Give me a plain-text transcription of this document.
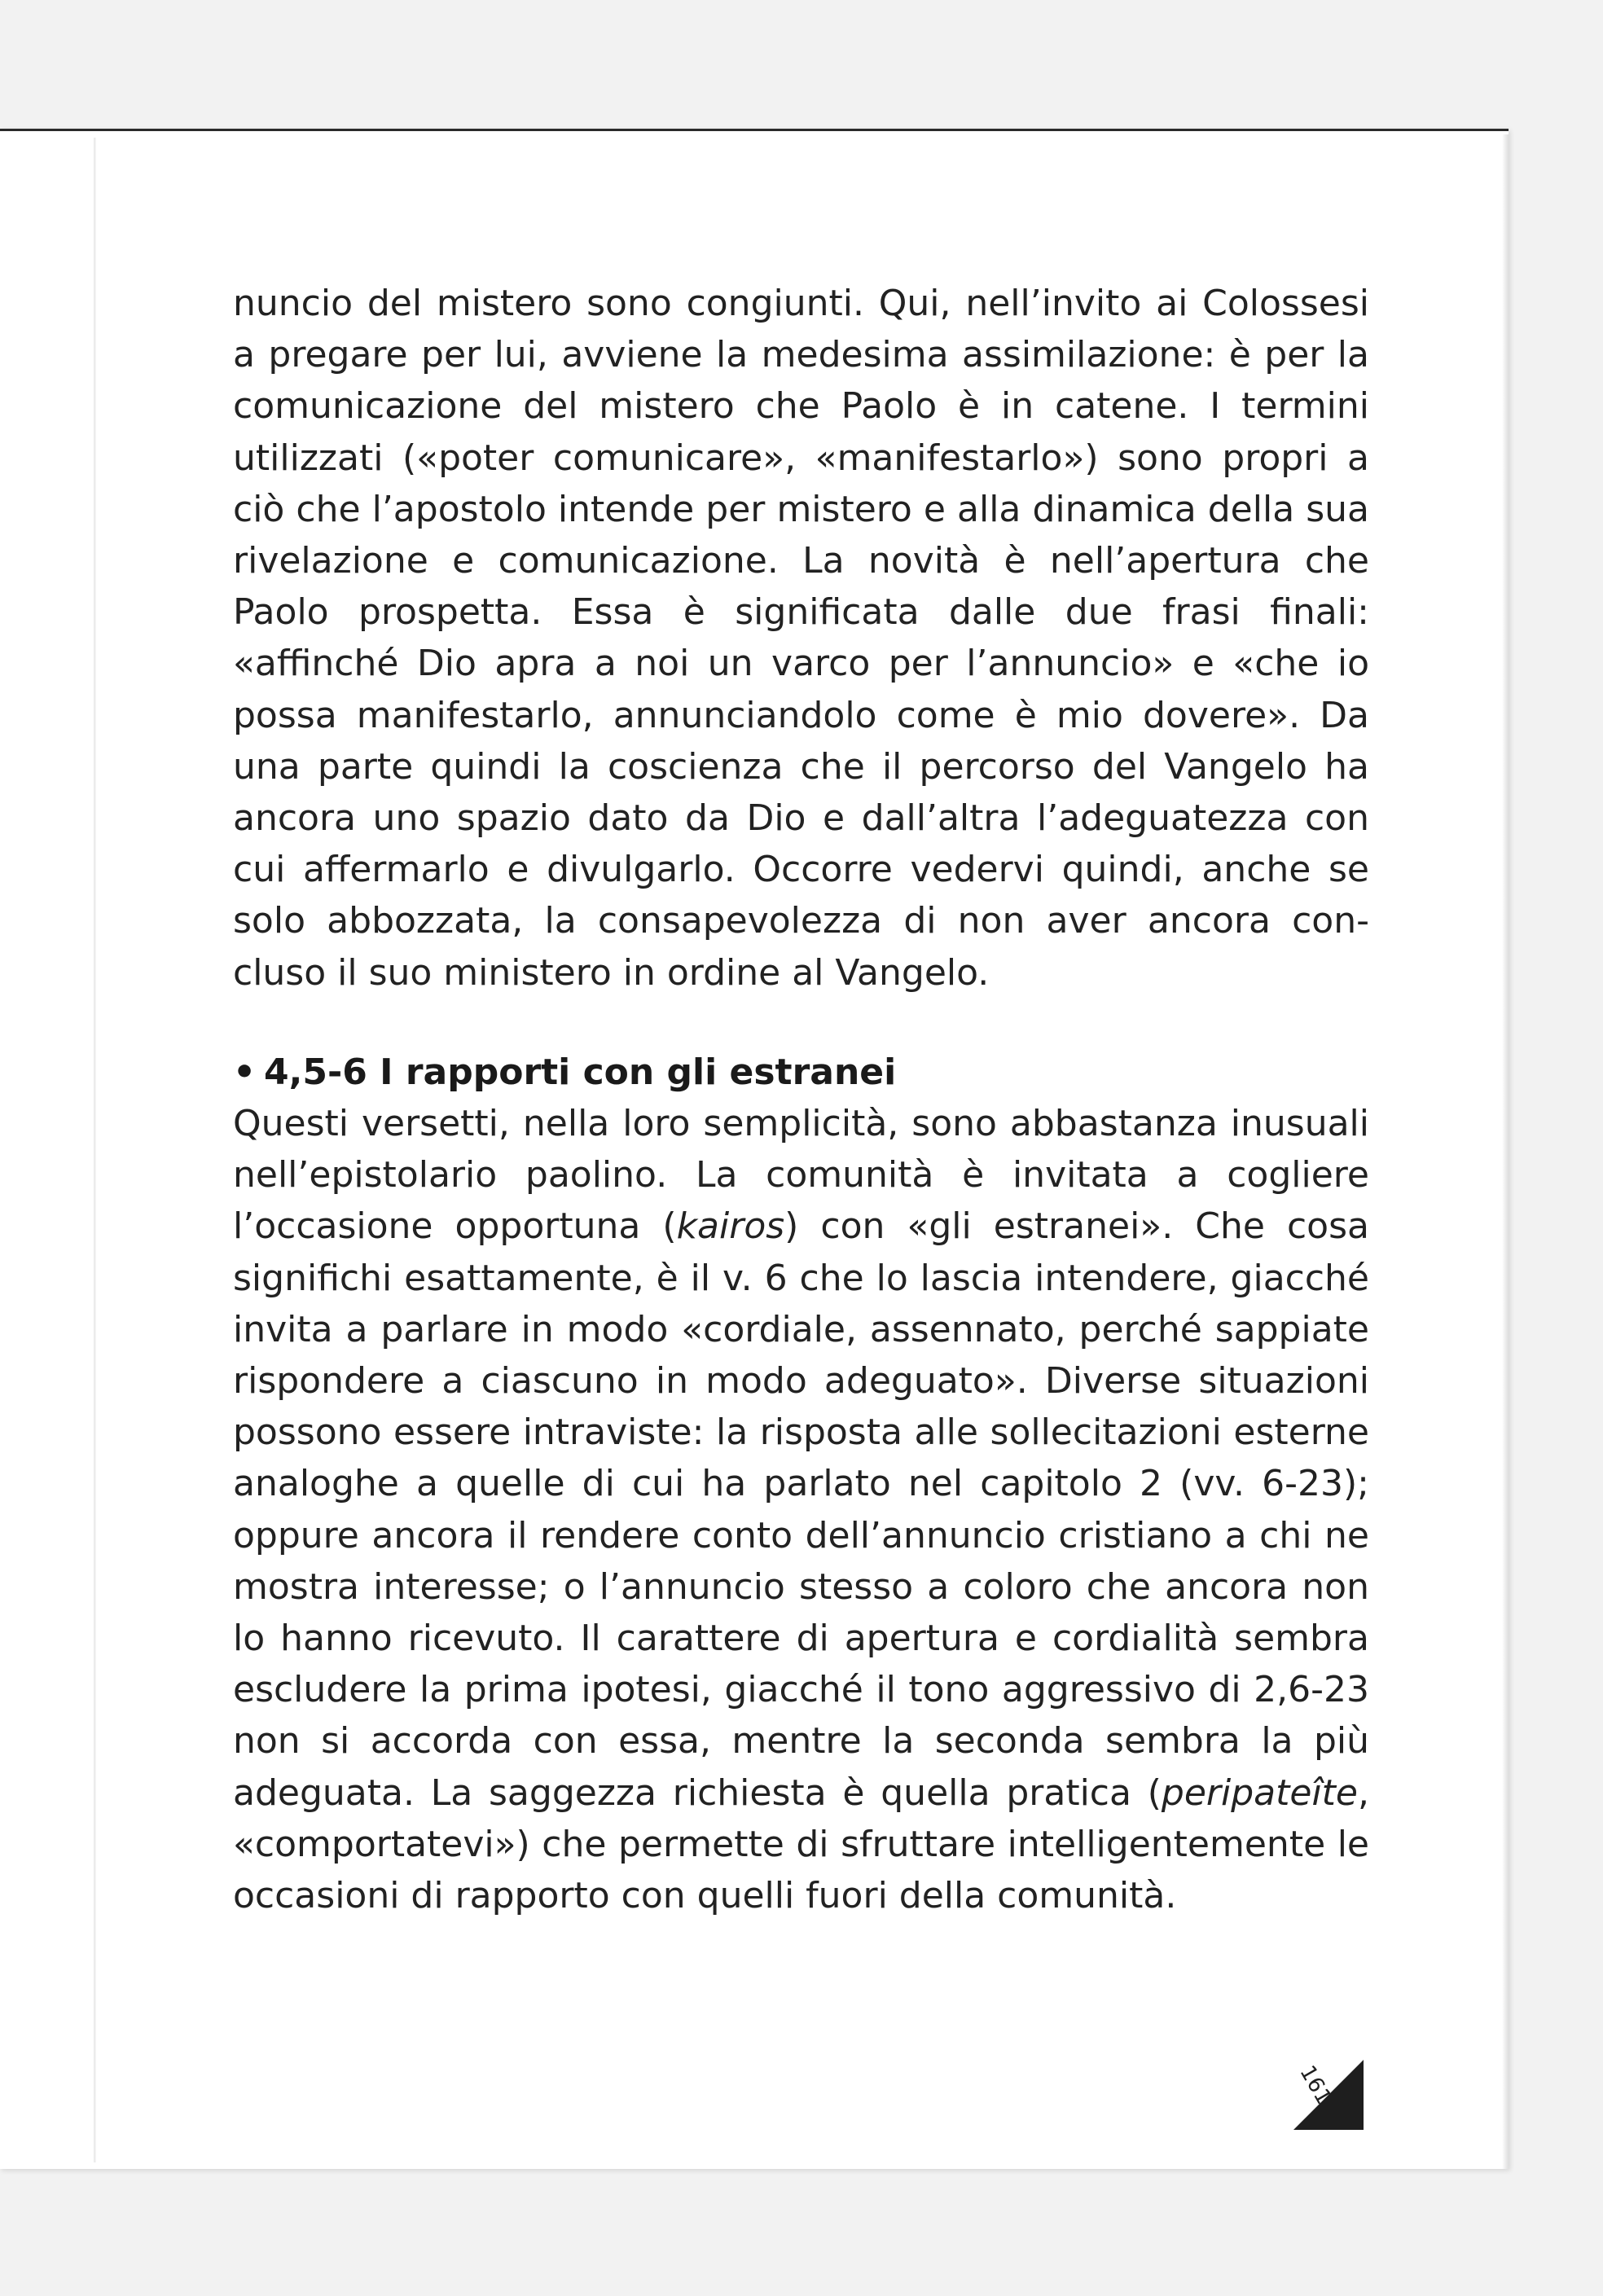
nuncio del mistero sono congiunti. Qui, nell’invito ai Colossesi a pregare per lui, avviene la medesima assimilazione: è per la comunicazione del mistero che Paolo è in catene. I termini utilizzati («poter comunicare», «manifestarlo») sono propri a ciò che l’apostolo intende per mistero e alla dinamica della sua rivelazione e comunicazione. La novità è nell’apertura che Paolo prospetta. Essa è significata dalle due frasi finali: «affinché Dio apra a noi un varco per l’annuncio» e «che io possa manifestarlo, annunciandolo come è mio dovere». Da una parte quindi la coscienza che il percorso del Vangelo ha ancora uno spazio dato da Dio e dall’altra l’adeguatezza con cui affermarlo e divulgarlo. Occorre vedervi quindi, anche se solo abbozzata, la consapevolezza di non aver ancora concluso il suo ministero in ordine al Vangelo.

• 4,5-6 I rapporti con gli estranei

Questi versetti, nella loro semplicità, sono abbastanza inusuali nell’epistolario paolino. La comunità è invitata a cogliere l’occasione opportuna (kairos) con «gli estranei». Che cosa significhi esattamente, è il v. 6 che lo lascia intendere, giacché invita a parlare in modo «cordiale, assennato, perché sappiate rispondere a ciascuno in modo adeguato». Diverse situazioni possono essere intraviste: la risposta alle sollecitazioni esterne analoghe a quelle di cui ha parlato nel capitolo 2 (vv. 6-23); oppure ancora il rendere conto dell’annuncio cristiano a chi ne mostra interesse; o l’annuncio stesso a coloro che ancora non lo hanno ricevuto. Il carattere di apertura e cordialità sembra escludere la prima ipotesi, giacché il tono aggressivo di 2,6-23 non si accorda con essa, mentre la seconda sembra la più adeguata. La saggezza richiesta è quella pratica (peripateîte, «comportatevi») che permette di sfruttare intelligentemente le occasioni di rapporto con quelli fuori della comunità.

161
